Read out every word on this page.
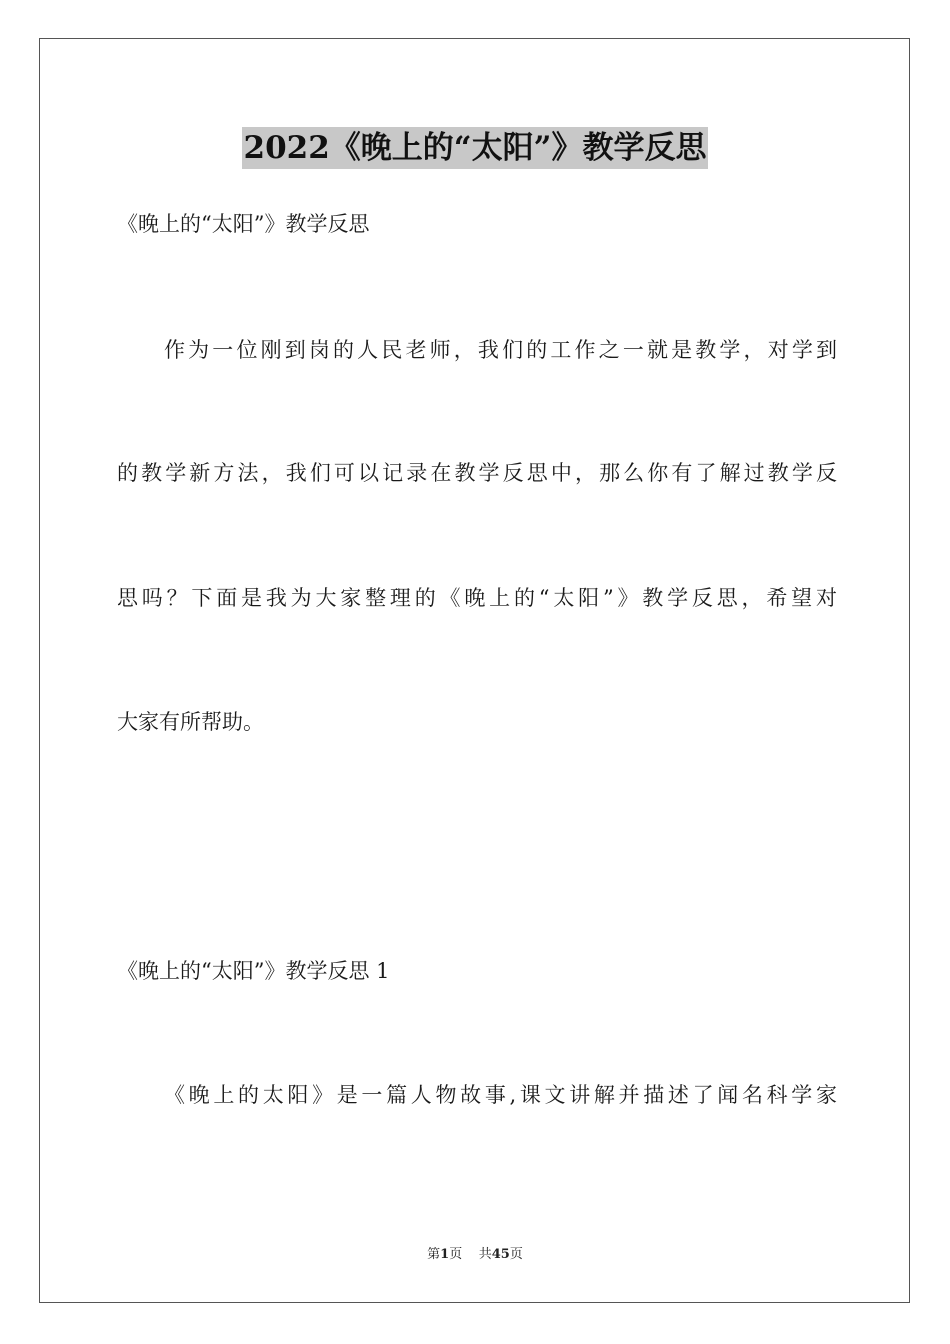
2022《晚上的“太阳”》教学反思
《晚上的“太阳”》教学反思
作为一位刚到岗的人民老师，我们的工作之一就是教学，对学到
的教学新方法，我们可以记录在教学反思中，那么你有了解过教学反
思吗？下面是我为大家整理的《晚上的“太阳”》教学反思，希望对
大家有所帮助。
《晚上的“太阳”》教学反思 1
《晚上的太阳》是一篇人物故事,课文讲解并描述了闻名科学家
第1页 共45页
